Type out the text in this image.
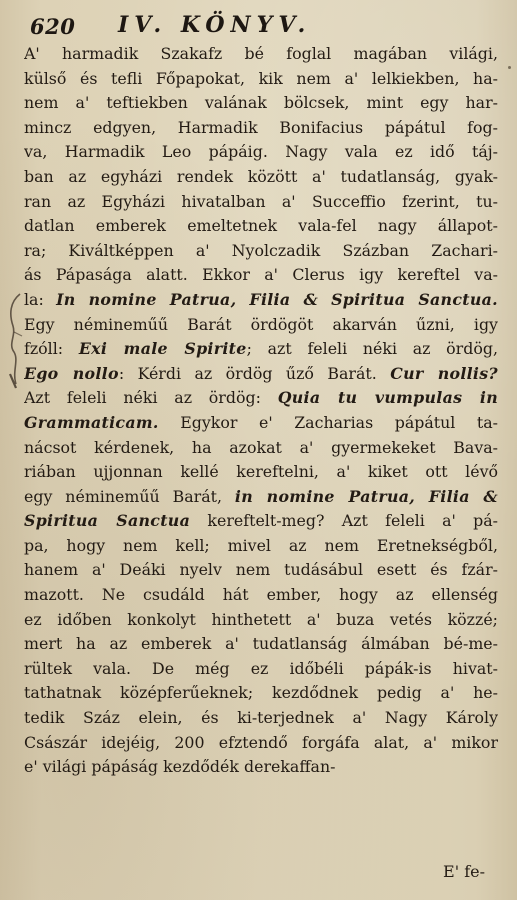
620 IV. KÖNYV.
A' harmadik Szakafz bé foglal magában világi,
külső és tefli Főpapokat, kik nem a' lelkiekben, ha-
nem a' teftiekben valának bölcsek, mint egy har-
mincz edgyen, Harmadik Bonifacius pápátul fog-
va, Harmadik Leo pápáig. Nagy vala ez idő táj-
ban az egyházi rendek között a' tudatlanság, gyak-
ran az Egyházi hivatalban a' Succeffio fzerint, tu-
datlan emberek emeltetnek vala-fel nagy állapot-
ra; Kiváltképpen a' Nyolczadik Százban Zachari-
ás Pápasága alatt. Ekkor a' Clerus igy kereftel va-
la: In nomine Patrua, Filia & Spiritua Sanctua.
Egy némineműű Barát ördögöt akarván űzni, igy
fzóll: Exi male Spirite; azt feleli néki az ördög,
Ego nollo: Kérdi az ördög űző Barát. Cur nollis?
Azt feleli néki az ördög: Quia tu vumpulas in
Grammaticam. Egykor e' Zacharias pápátul ta-
nácsot kérdenek, ha azokat a' gyermekeket Bava-
riában ujjonnan kellé kereftelni, a' kiket ott lévő
egy némineműű Barát, in nomine Patrua, Filia &
Spiritua Sanctua kereftelt-meg? Azt feleli a' pá-
pa, hogy nem kell; mivel az nem Eretnekségből,
hanem a' Deáki nyelv nem tudásábul esett és fzár-
mazott. Ne csudáld hát ember, hogy az ellenség
ez időben konkolyt hinthetett a' buza vetés közzé;
mert ha az emberek a' tudatlanság álmában bé-me-
rültek vala. De még ez időbéli pápák-is hivat-
tathatnak középferűeknek; kezdődnek pedig a' he-
tedik Száz elein, és ki-terjednek a' Nagy Károly
Császár idejéig, 200 efztendő forgáfa alat, a' mikor
e' világi pápáság kezdődék derekaffan-
E' fe-
